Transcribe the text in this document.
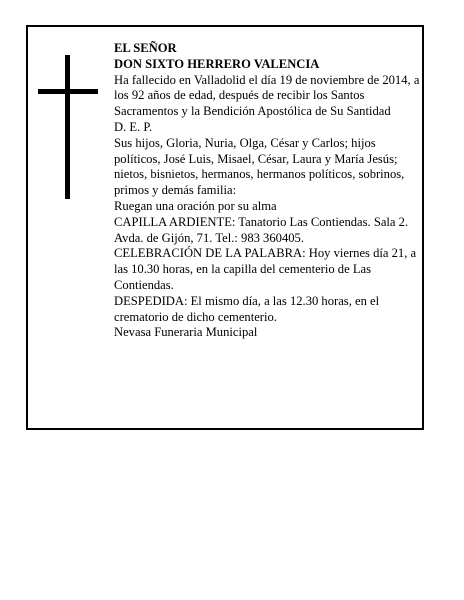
EL SEÑOR
DON SIXTO HERRERO VALENCIA
Ha fallecido en Valladolid el día 19 de noviembre de 2014, a los 92 años de edad, después de recibir los Santos Sacramentos y la Bendición Apostólica de Su Santidad
D. E. P.
Sus hijos, Gloria, Nuria, Olga, César y Carlos; hijos políticos, José Luis, Misael, César, Laura y María Jesús; nietos, bisnietos, hermanos, hermanos políticos, sobrinos, primos y demás familia:
Ruegan una oración por su alma
CAPILLA ARDIENTE: Tanatorio Las Contiendas. Sala 2. Avda. de Gijón, 71. Tel.: 983 360405.
CELEBRACIÓN DE LA PALABRA: Hoy viernes día 21, a las 10.30 horas, en la capilla del cementerio de Las Contiendas.
DESPEDIDA: El mismo día, a las 12.30 horas, en el crematorio de dicho cementerio.
Nevasa Funeraria Municipal
